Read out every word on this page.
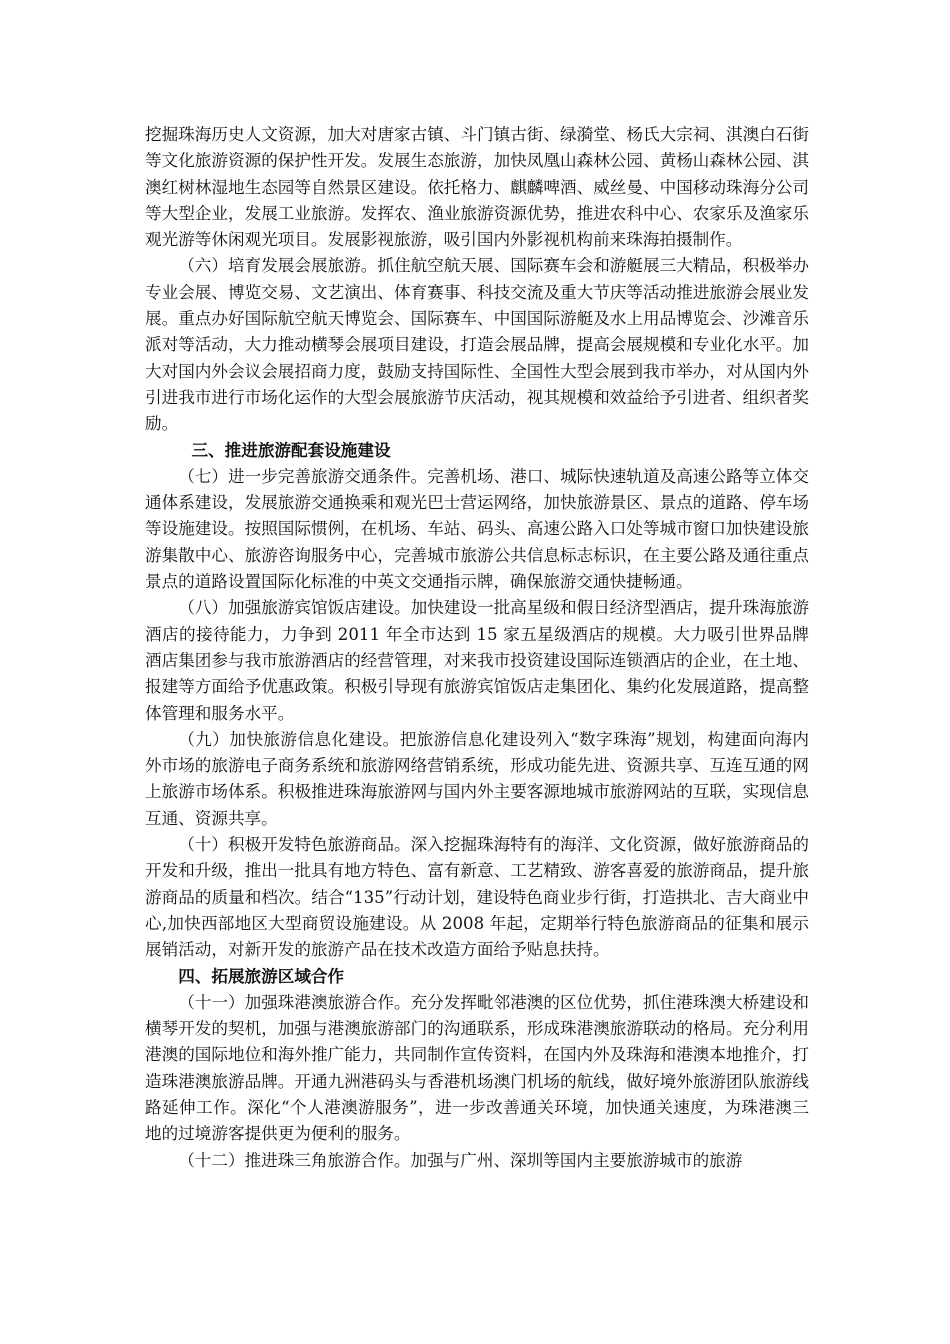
挖掘珠海历史人文资源，加大对唐家古镇、斗门镇古街、绿漪堂、杨氏大宗祠、淇澳白石街等文化旅游资源的保护性开发。发展生态旅游，加快凤凰山森林公园、黄杨山森林公园、淇澳红树林湿地生态园等自然景区建设。依托格力、麒麟啤酒、威丝曼、中国移动珠海分公司等大型企业，发展工业旅游。发挥农、渔业旅游资源优势，推进农科中心、农家乐及渔家乐观光游等休闲观光项目。发展影视旅游，吸引国内外影视机构前来珠海拍摄制作。

（六）培育发展会展旅游。抓住航空航天展、国际赛车会和游艇展三大精品，积极举办专业会展、博览交易、文艺演出、体育赛事、科技交流及重大节庆等活动推进旅游会展业发展。重点办好国际航空航天博览会、国际赛车、中国国际游艇及水上用品博览会、沙滩音乐派对等活动，大力推动横琴会展项目建设，打造会展品牌，提高会展规模和专业化水平。加大对国内外会议会展招商力度，鼓励支持国际性、全国性大型会展到我市举办，对从国内外引进我市进行市场化运作的大型会展旅游节庆活动，视其规模和效益给予引进者、组织者奖励。

三、推进旅游配套设施建设

（七）进一步完善旅游交通条件。完善机场、港口、城际快速轨道及高速公路等立体交通体系建设，发展旅游交通换乘和观光巴士营运网络，加快旅游景区、景点的道路、停车场等设施建设。按照国际惯例，在机场、车站、码头、高速公路入口处等城市窗口加快建设旅游集散中心、旅游咨询服务中心，完善城市旅游公共信息标志标识，在主要公路及通往重点景点的道路设置国际化标准的中英文交通指示牌，确保旅游交通快捷畅通。

（八）加强旅游宾馆饭店建设。加快建设一批高星级和假日经济型酒店，提升珠海旅游酒店的接待能力，力争到 2011 年全市达到 15 家五星级酒店的规模。大力吸引世界品牌酒店集团参与我市旅游酒店的经营管理，对来我市投资建设国际连锁酒店的企业，在土地、报建等方面给予优惠政策。积极引导现有旅游宾馆饭店走集团化、集约化发展道路，提高整体管理和服务水平。

（九）加快旅游信息化建设。把旅游信息化建设列入“数字珠海”规划，构建面向海内外市场的旅游电子商务系统和旅游网络营销系统，形成功能先进、资源共享、互连互通的网上旅游市场体系。积极推进珠海旅游网与国内外主要客源地城市旅游网站的互联，实现信息互通、资源共享。

（十）积极开发特色旅游商品。深入挖掘珠海特有的海洋、文化资源，做好旅游商品的开发和升级，推出一批具有地方特色、富有新意、工艺精致、游客喜爱的旅游商品，提升旅游商品的质量和档次。结合“135”行动计划，建设特色商业步行街，打造拱北、吉大商业中心,加快西部地区大型商贸设施建设。从 2008 年起，定期举行特色旅游商品的征集和展示展销活动，对新开发的旅游产品在技术改造方面给予贴息扶持。

四、拓展旅游区域合作

（十一）加强珠港澳旅游合作。充分发挥毗邻港澳的区位优势，抓住港珠澳大桥建设和横琴开发的契机，加强与港澳旅游部门的沟通联系，形成珠港澳旅游联动的格局。充分利用港澳的国际地位和海外推广能力，共同制作宣传资料，在国内外及珠海和港澳本地推介，打造珠港澳旅游品牌。开通九洲港码头与香港机场澳门机场的航线，做好境外旅游团队旅游线路延伸工作。深化“个人港澳游服务”，进一步改善通关环境，加快通关速度，为珠港澳三地的过境游客提供更为便利的服务。

（十二）推进珠三角旅游合作。加强与广州、深圳等国内主要旅游城市的旅游
